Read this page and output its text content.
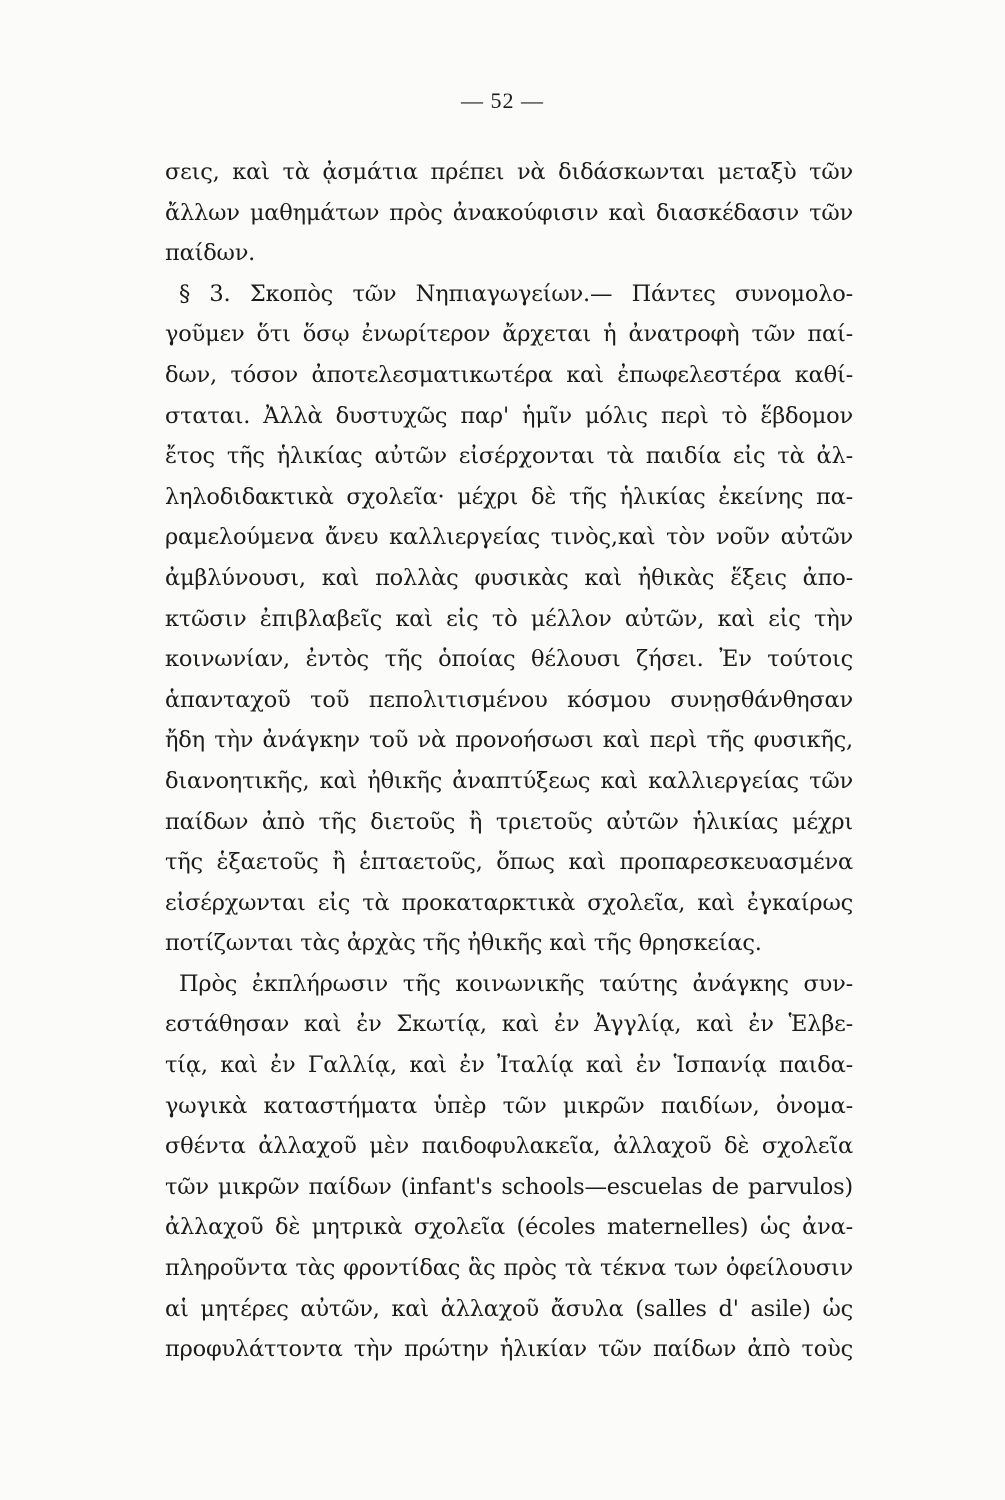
— 52 —
σεις, καὶ τὰ ᾀσμάτια πρέπει νὰ διδάσκωνται μεταξὺ τῶν
ἄλλων μαθημάτων πρὸς ἀνακούφισιν καὶ διασκέδασιν τῶν
παίδων.
§ 3. Σκοπὸς τῶν Νηπιαγωγείων.— Πάντες συνομολο-
γοῦμεν ὅτι ὅσῳ ἐνωρίτερον ἄρχεται ἡ ἀνατροφὴ τῶν παί-
δων, τόσον ἀποτελεσματικωτέρα καὶ ἐπωφελεστέρα καθί-
σταται. Ἀλλὰ δυστυχῶς παρ' ἡμῖν μόλις περὶ τὸ ἕβδομον
ἔτος τῆς ἡλικίας αὐτῶν εἰσέρχονται τὰ παιδία εἰς τὰ ἀλ-
ληλοδιδακτικὰ σχολεῖα· μέχρι δὲ τῆς ἡλικίας ἐκείνης πα-
ραμελούμενα ἄνευ καλλιεργείας τινὸς,καὶ τὸν νοῦν αὐτῶν
ἀμβλύνουσι, καὶ πολλὰς φυσικὰς καὶ ἠθικὰς ἕξεις ἀπο-
κτῶσιν ἐπιβλαβεῖς καὶ εἰς τὸ μέλλον αὐτῶν, καὶ εἰς τὴν
κοινωνίαν, ἐντὸς τῆς ὁποίας θέλουσι ζήσει. Ἐν τούτοις
ἁπανταχοῦ τοῦ πεπολιτισμένου κόσμου συνῃσθάνθησαν
ἤδη τὴν ἀνάγκην τοῦ νὰ προνοήσωσι καὶ περὶ τῆς φυσικῆς,
διανοητικῆς, καὶ ἠθικῆς ἀναπτύξεως καὶ καλλιεργείας τῶν
παίδων ἀπὸ τῆς διετοῦς ἢ τριετοῦς αὐτῶν ἡλικίας μέχρι
τῆς ἑξαετοῦς ἢ ἑπταετοῦς, ὅπως καὶ προπαρεσκευασμένα
εἰσέρχωνται εἰς τὰ προκαταρκτικὰ σχολεῖα, καὶ ἐγκαίρως
ποτίζωνται τὰς ἀρχὰς τῆς ἠθικῆς καὶ τῆς θρησκείας.
Πρὸς ἐκπλήρωσιν τῆς κοινωνικῆς ταύτης ἀνάγκης συν-
εστάθησαν καὶ ἐν Σκωτίᾳ, καὶ ἐν Ἀγγλίᾳ, καὶ ἐν Ἑλβε-
τίᾳ, καὶ ἐν Γαλλίᾳ, καὶ ἐν Ἰταλίᾳ καὶ ἐν Ἱσπανίᾳ παιδα-
γωγικὰ καταστήματα ὑπὲρ τῶν μικρῶν παιδίων, ὀνομα-
σθέντα ἀλλαχοῦ μὲν παιδοφυλακεῖα, ἀλλαχοῦ δὲ σχολεῖα
τῶν μικρῶν παίδων (infant's schools—escuelas de parvulos)
ἀλλαχοῦ δὲ μητρικὰ σχολεῖα (écoles maternelles) ὡς ἀνα-
πληροῦντα τὰς φροντίδας ἃς πρὸς τὰ τέκνα των ὀφείλουσιν
αἱ μητέρες αὐτῶν, καὶ ἀλλαχοῦ ἄσυλα (salles d' asile) ὡς
προφυλάττοντα τὴν πρώτην ἡλικίαν τῶν παίδων ἀπὸ τοὺς
